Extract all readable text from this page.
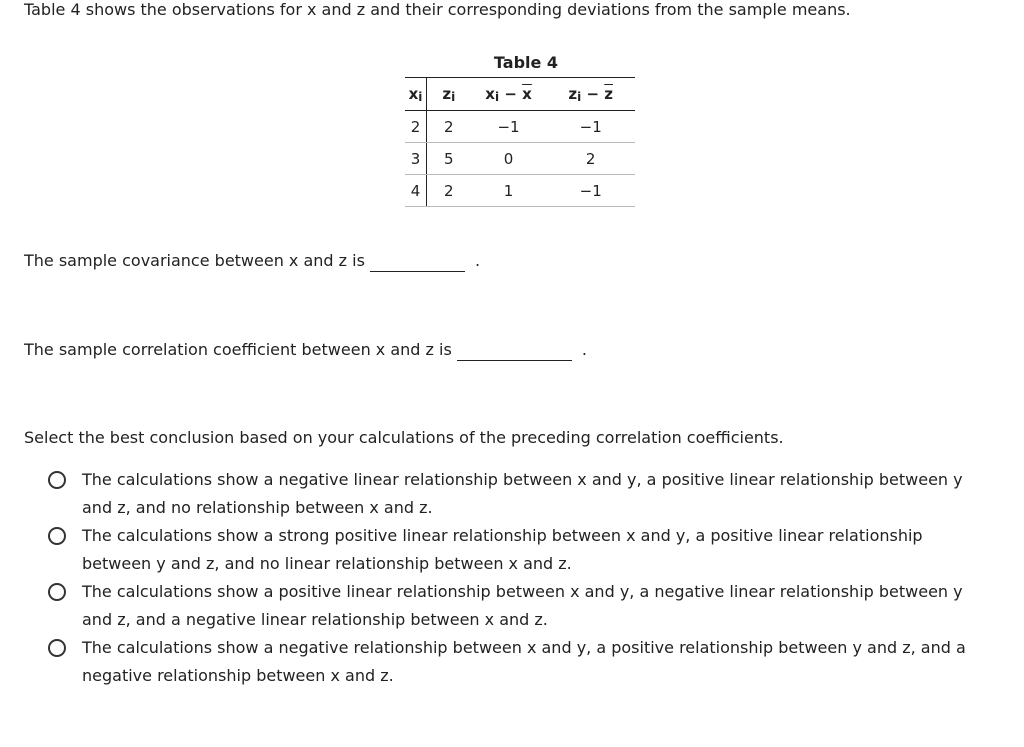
Table 4 shows the observations for x and z and their corresponding deviations from the sample means.

Table 4
xi	zi	xi − $\overline{x}$	zi − $\overline{z}$
2	2	−1	−1
3	5	0	2
4	2	1	−1

The sample covariance between x and z is	.

The sample correlation coefficient between x and z is	.

Select the best conclusion based on your calculations of the preceding correlation coefficients.

The calculations show a negative linear relationship between x and y, a positive linear relationship between y
and z, and no relationship between x and z.
The calculations show a strong positive linear relationship between x and y, a positive linear relationship
between y and z, and no linear relationship between x and z.
The calculations show a positive linear relationship between x and y, a negative linear relationship between y
and z, and a negative linear relationship between x and z.
The calculations show a negative relationship between x and y, a positive relationship between y and z, and a
negative relationship between x and z.
